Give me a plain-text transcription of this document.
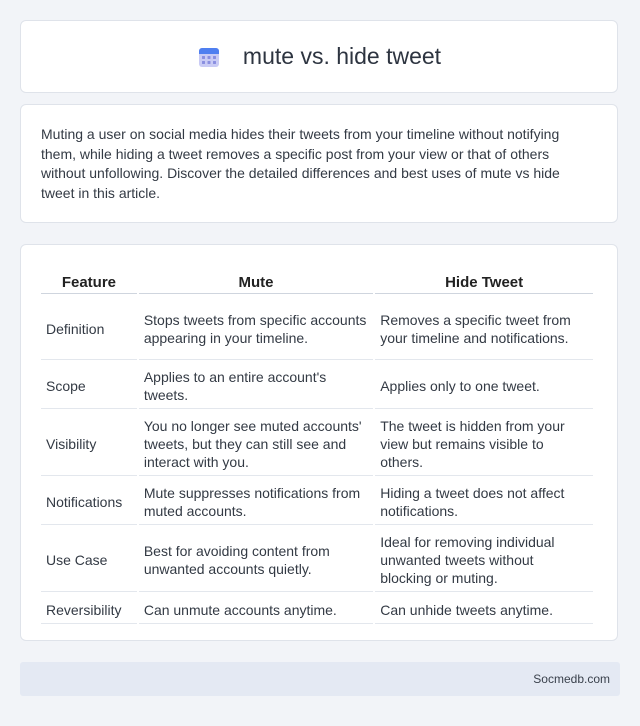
mute vs. hide tweet

Muting a user on social media hides their tweets from your timeline without notifying them, while hiding a tweet removes a specific post from your view or that of others without unfollowing. Discover the detailed differences and best uses of mute vs hide tweet in this article.

Feature	Mute	Hide Tweet
Definition	Stops tweets from specific accounts appearing in your timeline.	Removes a specific tweet from your timeline and notifications.
Scope	Applies to an entire account's tweets.	Applies only to one tweet.
Visibility	You no longer see muted accounts' tweets, but they can still see and interact with you.	The tweet is hidden from your view but remains visible to others.
Notifications	Mute suppresses notifications from muted accounts.	Hiding a tweet does not affect notifications.
Use Case	Best for avoiding content from unwanted accounts quietly.	Ideal for removing individual unwanted tweets without blocking or muting.
Reversibility	Can unmute accounts anytime.	Can unhide tweets anytime.
Socmedb.com
